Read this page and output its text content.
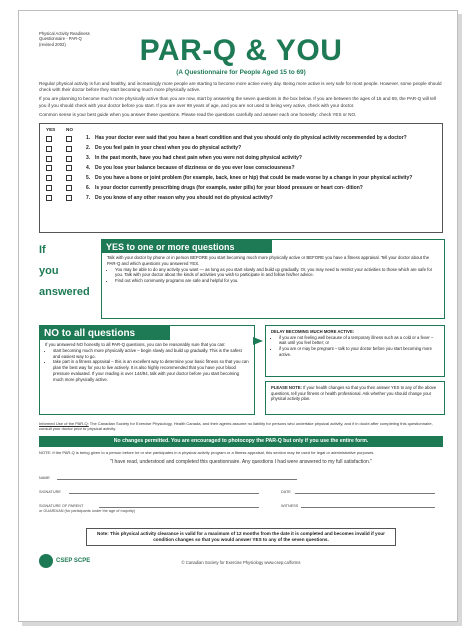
Physical Activity Readiness
Questionnaire - PAR-Q
(revised 2002)	PAR-Q & YOU
(A Questionnaire for People Aged 15 to 69)

Regular physical activity is fun and healthy, and increasingly more people are starting to become more active every day. Being more active is very safe for most people. However, some people should check with their doctor before they start becoming much more physically active.

If you are planning to become much more physically active than you are now, start by answering the seven questions in the box below. If you are between the ages of 15 and 69, the PAR-Q will tell you if you should check with your doctor before you start. If you are over 69 years of age, and you are not used to being very active, check with your doctor.

Common sense is your best guide when you answer these questions. Please read the questions carefully and answer each one honestly: check YES or NO.

YES	NO
1. Has your doctor ever said that you have a heart condition and that you should only do physical activity recommended by a doctor?
2. Do you feel pain in your chest when you do physical activity?
3. In the past month, have you had chest pain when you were not doing physical activity?
4. Do you lose your balance because of dizziness or do you ever lose consciousness?
5. Do you have a bone or joint problem (for example, back, knee or hip) that could be made worse by a change in your physical activity?
6. Is your doctor currently prescribing drugs (for example, water pills) for your blood pressure or heart con- dition?
7. Do you know of any other reason why you should not do physical activity?
If
you
answered
YES to one or more questions

Talk with your doctor by phone or in person BEFORE you start becoming much more physically active or BEFORE you have a fitness appraisal. Tell your doctor about the PAR-Q and which questions you answered YES.

• You may be able to do any activity you want — as long as you start slowly and build up gradually. Or, you may need to restrict your activities to those which are safe for you. Talk with your doctor about the kinds of activities you wish to participate in and follow his/her advice.
• Find out which community programs are safe and helpful for you.
NO to all questions

If you answered NO honestly to all PAR-Q questions, you can be reasonably sure that you can:

• start becoming much more physically active – begin slowly and build up gradually. This is the safest and easiest way to go.
• take part in a fitness appraisal – this is an excellent way to determine your basic fitness so that you can plan the best way for you to live actively. It is also highly recommended that you have your blood pressure evaluated. If your reading is over 144/94, talk with your doctor before you start becoming much more physically active.
DELAY BECOMING MUCH MORE ACTIVE:
• if you are not feeling well because of a temporary illness such as a cold or a fever – wait until you feel better; or
• if you are or may be pregnant – talk to your doctor before you start becoming more active.
PLEASE NOTE: If your health changes so that you then answer YES to any of the above questions, tell your fitness or health professional. Ask whether you should change your physical activity plan.
Informed Use of the PAR-Q: The Canadian Society for Exercise Physiology, Health Canada, and their agents assume no liability for persons who undertake physical activity, and if in doubt after completing this questionnaire, consult your doctor prior to physical activity.
No changes permitted. You are encouraged to photocopy the PAR-Q but only if you use the entire form.
NOTE: If the PAR-Q is being given to a person before he or she participates in a physical activity program or a fitness appraisal, this section may be used for legal or administrative purposes.
"I have read, understood and completed this questionnaire. Any questions I had were answered to my full satisfaction."
NAME
SIGNATURE	DATE
SIGNATURE OF PARENT
or GUARDIAN (for participants under the age of majority)
WITNESS
Note: This physical activity clearance is valid for a maximum of 12 months from the date it is completed and becomes invalid if your condition changes so that you would answer YES to any of the seven questions.
CSEP SCPE	© Canadian Society for Exercise Physiology www.csep.ca/forms
